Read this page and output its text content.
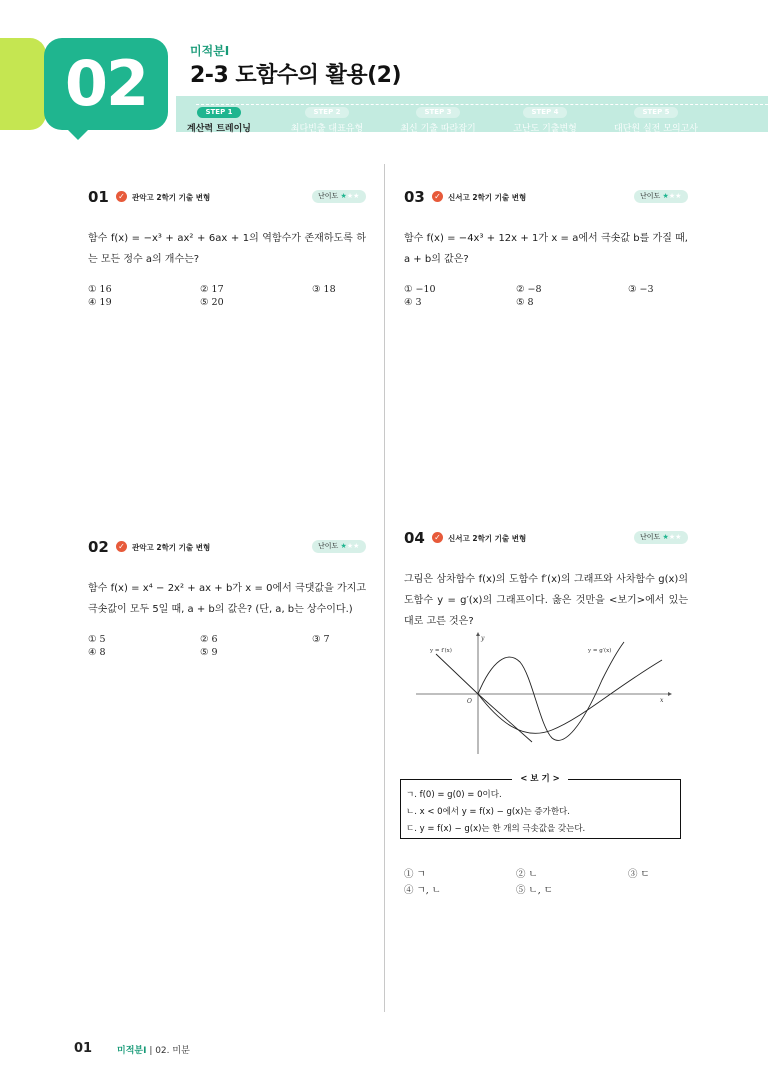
02	미적분I
2-3 도함수의 활용(2)
STEP 1
계산력 트레이닝
STEP 2
최다빈출 대표유형
STEP 3
최신 기출 따라잡기
STEP 4
고난도 기출변형
STEP 5
대단원 실전 모의고사
01 ✓ 관악고 2학기 기출 변형	난이도 ★★★
함수 f(x) = −x³ + ax² + 6ax + 1의 역함수가 존재하도록 하는 모든 정수 a의 개수는?
① 16	② 17	③ 18
④ 19	⑤ 20
02 ✓ 관악고 2학기 기출 변형	난이도 ★★★
함수 f(x) = x⁴ − 2x² + ax + b가 x = 0에서 극댓값을 가지고 극솟값이 모두 5일 때, a + b의 값은? (단, a, b는 상수이다.)
① 5	② 6	③ 7
④ 8	⑤ 9
03 ✓ 신서고 2학기 기출 변형	난이도 ★★★
함수 f(x) = −4x³ + 12x + 1가 x = a에서 극솟값 b를 가질 때, a + b의 값은?
① −10	② −8	③ −3
④ 3	⑤ 8
04 ✓ 신서고 2학기 기출 변형	난이도 ★★★
그림은 삼차함수 f(x)의 도함수 f′(x)의 그래프와 사차함수 g(x)의 도함수 y = g′(x)의 그래프이다. 옳은 것만을 <보기>에서 있는 대로 고른 것은?
y
x
O
y = f′(x)	y = g′(x)
< 보 기 >
ㄱ. f(0) = g(0) = 0이다.
ㄴ. x < 0에서 y = f(x) − g(x)는 증가한다.
ㄷ. y = f(x) − g(x)는 한 개의 극솟값을 갖는다.
① ㄱ	② ㄴ	③ ㄷ
④ ㄱ, ㄴ	⑤ ㄴ, ㄷ
01	미적분I | 02. 미분
